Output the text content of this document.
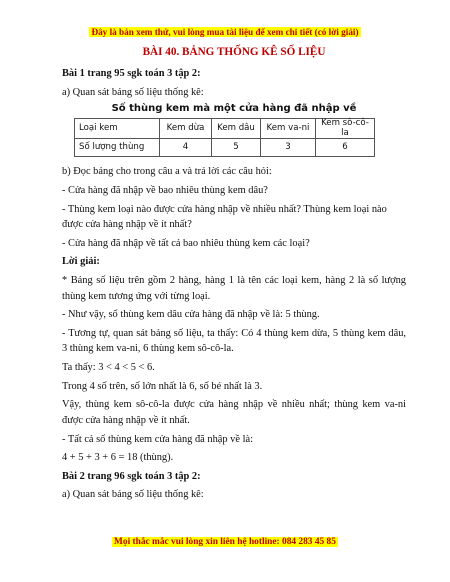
Đây là bản xem thử, vui lòng mua tài liệu để xem chi tiết (có lời giải)
BÀI 40. BẢNG THỐNG KÊ SỐ LIỆU

Bài 1 trang 95 sgk toán 3 tập 2:

a) Quan sát bảng số liệu thống kê:

Số thùng kem mà một cửa hàng đã nhập về
Loại kem	Kem dừa	Kem dâu	Kem va-ni	Kem sô-cô-la
Số lượng thùng	4	5	3	6

b) Đọc bảng cho trong câu a và trả lời các câu hỏi:

- Cửa hàng đã nhập về bao nhiêu thùng kem dâu?

- Thùng kem loại nào được cửa hàng nhập về nhiều nhất? Thùng kem loại nào được cửa hàng nhập về ít nhất?

- Cửa hàng đã nhập về tất cả bao nhiêu thùng kem các loại?

Lời giải:

* Bảng số liệu trên gồm 2 hàng, hàng 1 là tên các loại kem, hàng 2 là số lượng thùng kem tương ứng với từng loại.

- Như vậy, số thùng kem dâu cửa hàng đã nhập về là: 5 thùng.

- Tương tự, quan sát bảng số liệu, ta thấy: Có 4 thùng kem dừa, 5 thùng kem dâu, 3 thùng kem va-ni, 6 thùng kem sô-cô-la.

Ta thấy: 3 < 4 < 5 < 6.

Trong 4 số trên, số lớn nhất là 6, số bé nhất là 3.

Vậy, thùng kem sô-cô-la được cửa hàng nhập về nhiều nhất; thùng kem va-ni được cửa hàng nhập về ít nhất.

- Tất cả số thùng kem cửa hàng đã nhập về là:

4 + 5 + 3 + 6 = 18 (thùng).

Bài 2 trang 96 sgk toán 3 tập 2:

a) Quan sát bảng số liệu thống kê:

Mọi thắc mắc vui lòng xin liên hệ hotline: 084 283 45 85
